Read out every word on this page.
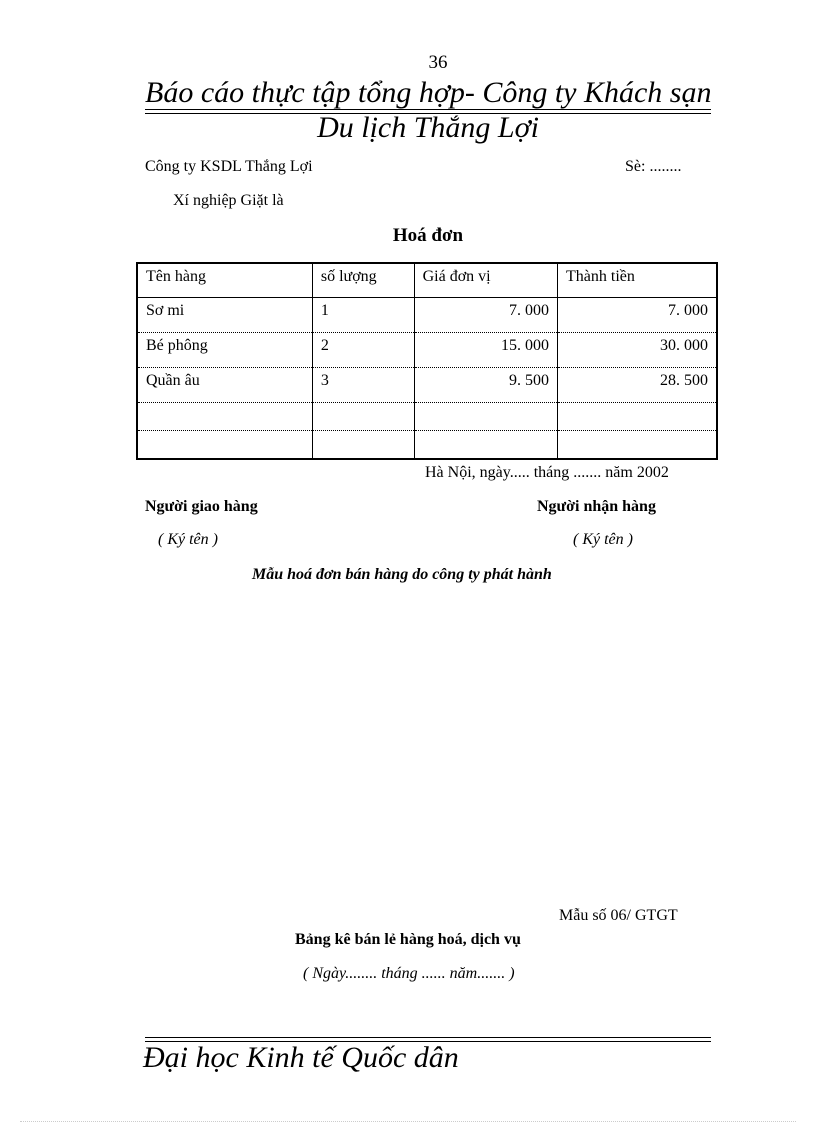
36
Báo cáo thực tập tổng hợp- Công ty Khách sạn
Du lịch Thắng Lợi
Công ty KSDL Thắng Lợi	Sè: ........
Xí nghiệp Giặt là
Hoá đơn
Tên hàng	số lượng	Giá đơn vị	Thành tiền
Sơ mi	1	7. 000	7. 000
Bé phông	2	15. 000	30. 000
Quần âu	3	9. 500	28. 500

Hà Nội, ngày..... tháng ....... năm 2002
Người giao hàng	Người nhận hàng
( Ký tên )	( Ký tên )
Mẫu hoá đơn bán hàng do công ty phát hành
Mẫu số 06/ GTGT
Bảng kê bán lẻ hàng hoá, dịch vụ
( Ngày........ tháng ...... năm....... )
Đại học Kinh tế Quốc dân
